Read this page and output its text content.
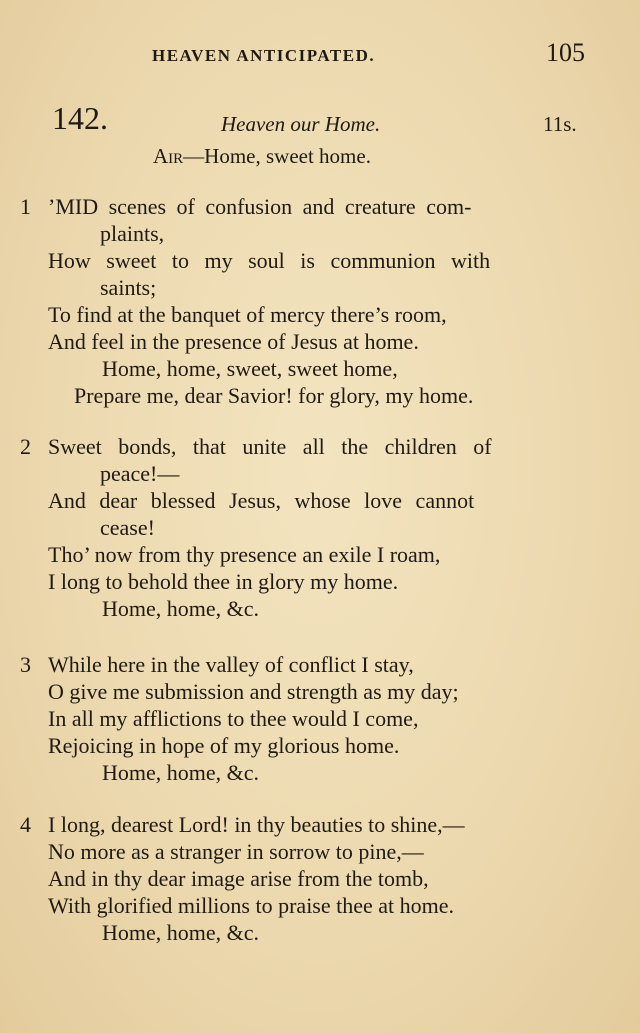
HEAVEN ANTICIPATED.	105
142.	Heaven our Home.	11s.
Air—Home, sweet home.
1 ’MID scenes of confusion and creature com-
plaints,
How sweet to my soul is communion with
saints;
To find at the banquet of mercy there’s room,
And feel in the presence of Jesus at home.
Home, home, sweet, sweet home,
Prepare me, dear Savior! for glory, my home.
2 Sweet bonds, that unite all the children of
peace!—
And dear blessed Jesus, whose love cannot
cease!
Tho’ now from thy presence an exile I roam,
I long to behold thee in glory my home.
Home, home, &c.
3 While here in the valley of conflict I stay,
O give me submission and strength as my day;
In all my afflictions to thee would I come,
Rejoicing in hope of my glorious home.
Home, home, &c.
4 I long, dearest Lord! in thy beauties to shine,—
No more as a stranger in sorrow to pine,—
And in thy dear image arise from the tomb,
With glorified millions to praise thee at home.
Home, home, &c.
